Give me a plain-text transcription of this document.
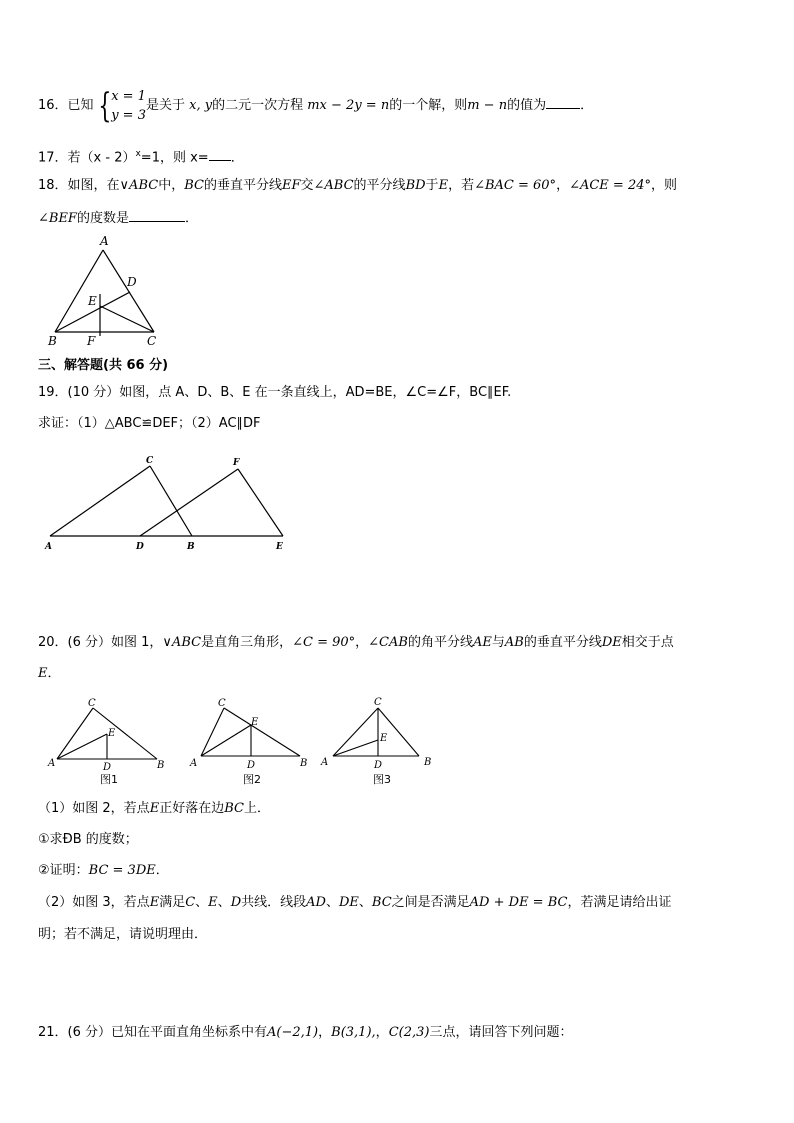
16．已知 {x = 1
y = 3是关于 x, y的二元一次方程 mx − 2y = n的一个解，则m − n的值为	．
17．若（x - 2）$^x$=1，则 x= ．
18．如图，在∨ABC中，BC的垂直平分线EF交∠ABC的平分线BD于E，若∠BAC = 60°，∠ACE = 24°，则
∠BEF的度数是	．
A
D
E
B	F	C
三、解答题(共 66 分)
19．(10 分）如图，点 A、D、B、E 在一条直线上，AD=BE，∠C=∠F，BC∥EF.
求证：（1）△ABC≌DEF；（2）AC∥DF
C	F
A	D	B	E
20．(6 分）如图 1，∨ABC是直角三角形，∠C = 90°，∠CAB的角平分线AE与AB的垂直平分线DE相交于点
E．
C
E
A	D	B
图1
C
E
A	D	B
图2
C
E
A	D	B
图3
（1）如图 2，若点E正好落在边BC上．
①求ÐB 的度数；
②证明：BC = 3DE．
（2）如图 3，若点E满足C、E、D共线．线段AD、DE、BC之间是否满足AD + DE = BC，若满足请给出证
明；若不满足，请说明理由．
21．(6 分）已知在平面直角坐标系中有A(−2,1)，B(3,1),，C(2,3)三点，请回答下列问题：
